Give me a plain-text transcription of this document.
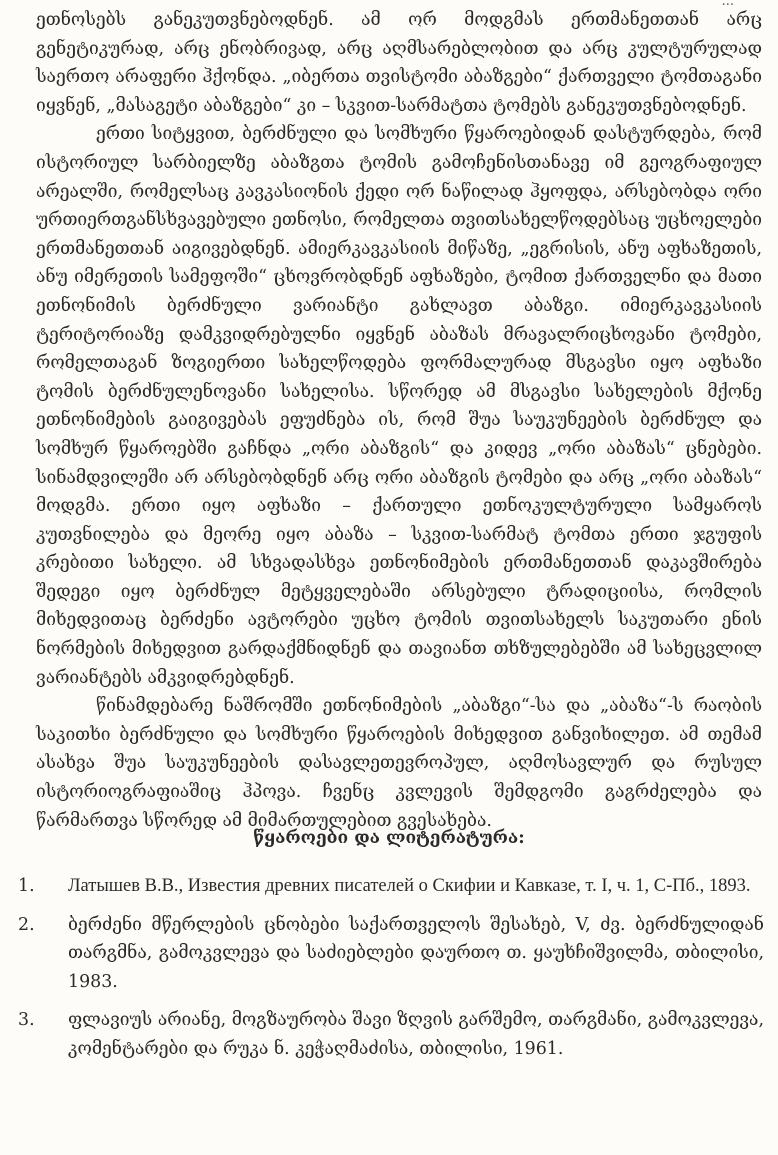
...

ეთნოსებს განეკუთვნებოდნენ. ამ ორ მოდგმას ერთმანეთთან არც გენეტიკურად, არც ენობრივად, არც აღმსარებლობით და არც კულტურულად საერთო არაფერი ჰქონდა. „იბერთა თვისტომი აბაზგები“ ქართველი ტომთაგანი იყვნენ, „მასაგეტი აბაზგები“ კი – სკვით-სარმატთა ტომებს განეკუთვნებოდნენ.

ერთი სიტყვით, ბერძნული და სომხური წყაროებიდან დასტურდება, რომ ისტორიულ სარბიელზე აბაზგთა ტომის გამოჩენისთანავე იმ გეოგრაფიულ არეალში, რომელსაც კავკასიონის ქედი ორ ნაწილად ჰყოფდა, არსებობდა ორი ურთიერთგანსხვავებული ეთნოსი, რომელთა თვითსახელწოდებსაც უცხოელები ერთმანეთთან აიგივებდნენ. ამიერკავკასიის მიწაზე, „ეგრისის, ანუ აფხაზეთის, ანუ იმერეთის სამეფოში“ ცხოვრობდნენ აფხაზები, ტომით ქართველნი და მათი ეთნონიმის ბერძნული ვარიანტი გახლავთ აბაზგი. იმიერკავკასიის ტერიტორიაზე დამკვიდრებულნი იყვნენ აბაზას მრავალრიცხოვანი ტომები, რომელთაგან ზოგიერთი სახელწოდება ფორმალურად მსგავსი იყო აფხაზი ტომის ბერძნულენოვანი სახელისა. სწორედ ამ მსგავსი სახელების მქონე ეთნონიმების გაიგივებას ეფუძნება ის, რომ შუა საუკუნეების ბერძნულ და სომხურ წყაროებში გაჩნდა „ორი აბაზგის“ და კიდევ „ორი აბაზას“ ცნებები. სინამდვილეში არ არსებობდნენ არც ორი აბაზგის ტომები და არც „ორი აბაზას“ მოდგმა. ერთი იყო აფხაზი – ქართული ეთნოკულტურული სამყაროს კუთვნილება და მეორე იყო აბაზა – სკვით-სარმატ ტომთა ერთი ჯგუფის კრებითი სახელი. ამ სხვადასხვა ეთნონიმების ერთმანეთთან დაკავშირება შედეგი იყო ბერძნულ მეტყველებაში არსებული ტრადიციისა, რომლის მიხედვითაც ბერძენი ავტორები უცხო ტომის თვითსახელს საკუთარი ენის ნორმების მიხედვით გარდაქმნიდნენ და თავიანთ თხზულებებში ამ სახეცვლილ ვარიანტებს ამკვიდრებდნენ.

წინამდებარე ნაშრომში ეთნონიმების „აბაზგი“-სა და „აბაზა“-ს რაობის საკითხი ბერძნული და სომხური წყაროების მიხედვით განვიხილეთ. ამ თემამ ასახვა შუა საუკუნეების დასავლეთევროპულ, აღმოსავლურ და რუსულ ისტორიოგრაფიაშიც ჰპოვა. ჩვენც კვლევის შემდგომი გაგრძელება და წარმართვა სწორედ ამ მიმართულებით გვესახება.

წყაროები და ლიტერატურა:
1.	Латышев В.В., Известия древних писателей о Скифии и Кавказе, т. I, ч. 1, С-Пб., 1893.
2.	ბერძენი მწერლების ცნობები საქართველოს შესახებ, V, ძვ. ბერძნულიდან თარგმნა, გამოკვლევა და საძიებლები დაურთო თ. ყაუხჩიშვილმა, თბილისი, 1983.
3.	ფლავიუს არიანე, მოგზაურობა შავი ზღვის გარშემო, თარგმანი, გამოკვლევა, კომენტარები და რუკა ნ. კეჭაღმაძისა, თბილისი, 1961.
